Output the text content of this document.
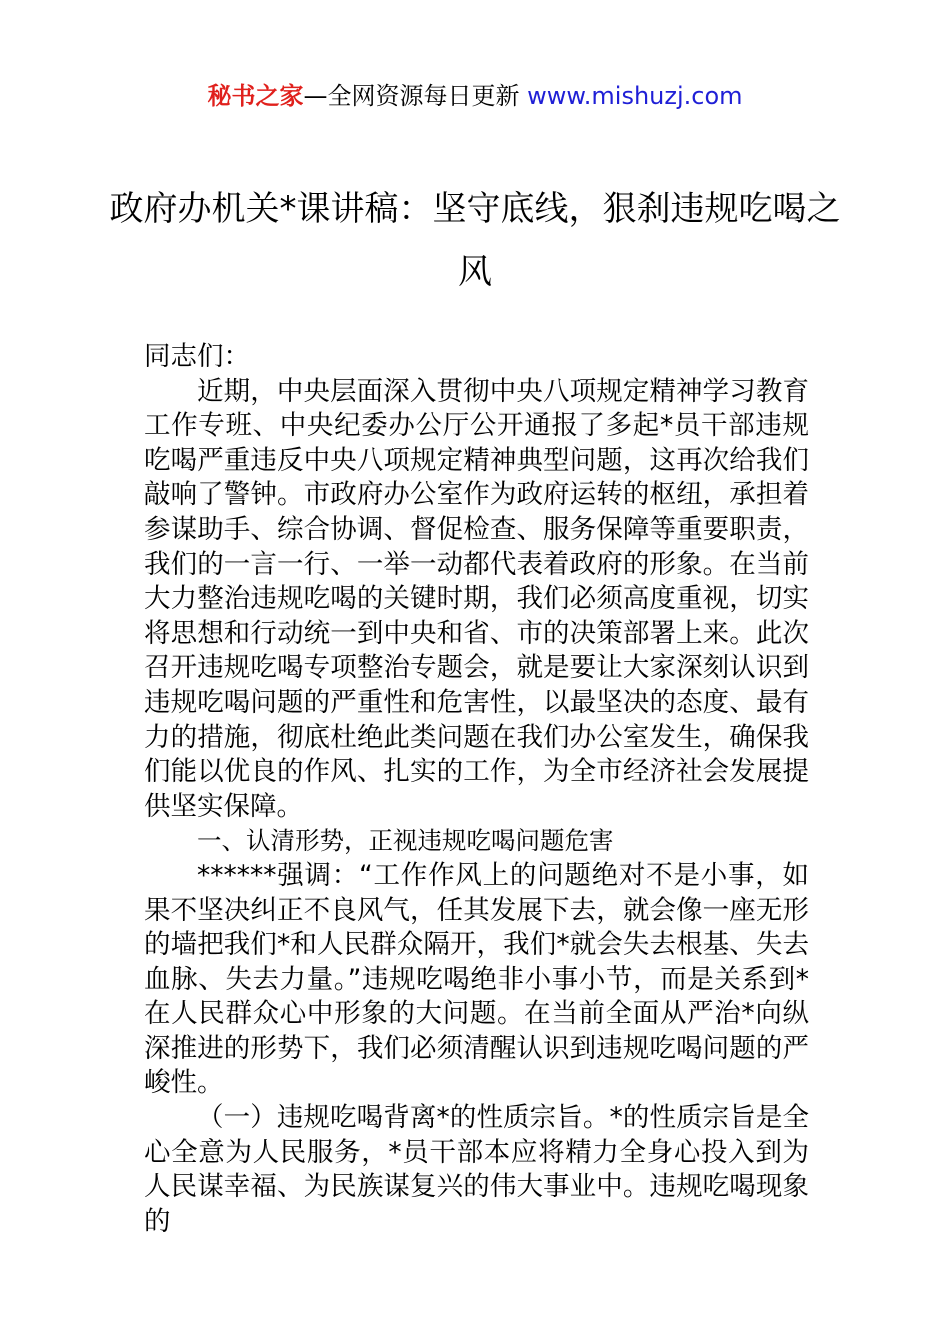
秘书之家—全网资源每日更新 www.mishuzj.com
政府办机关*课讲稿：坚守底线，狠刹违规吃喝之风

同志们：

近期，中央层面深入贯彻中央八项规定精神学习教育工作专班、中央纪委办公厅公开通报了多起*员干部违规吃喝严重违反中央八项规定精神典型问题，这再次给我们敲响了警钟。市政府办公室作为政府运转的枢纽，承担着参谋助手、综合协调、督促检查、服务保障等重要职责，我们的一言一行、一举一动都代表着政府的形象。在当前大力整治违规吃喝的关键时期，我们必须高度重视，切实将思想和行动统一到中央和省、市的决策部署上来。此次召开违规吃喝专项整治专题会，就是要让大家深刻认识到违规吃喝问题的严重性和危害性，以最坚决的态度、最有力的措施，彻底杜绝此类问题在我们办公室发生，确保我们能以优良的作风、扎实的工作，为全市经济社会发展提供坚实保障。

一、认清形势，正视违规吃喝问题危害

******强调：“工作作风上的问题绝对不是小事，如果不坚决纠正不良风气，任其发展下去，就会像一座无形的墙把我们*和人民群众隔开，我们*就会失去根基、失去血脉、失去力量。”违规吃喝绝非小事小节，而是关系到*在人民群众心中形象的大问题。在当前全面从严治*向纵深推进的形势下，我们必须清醒认识到违规吃喝问题的严峻性。

（一）违规吃喝背离*的性质宗旨。*的性质宗旨是全心全意为人民服务，*员干部本应将精力全身心投入到为人民谋幸福、为民族谋复兴的伟大事业中。违规吃喝现象的
